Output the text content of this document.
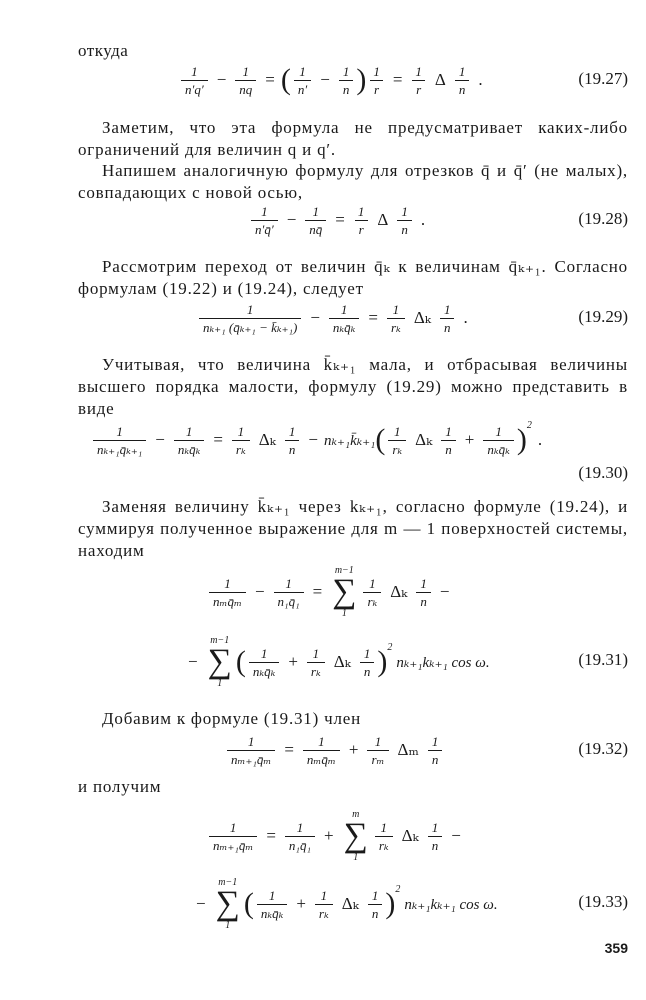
откуда
$\frac{1}{n'q'} - \frac{1}{nq}$ = ( $\frac{1}{n'} - \frac{1}{n}$ ) $\frac{1}{r} = \frac{1}{r}$ Δ $\frac{1}{n}$ .	(19.27)

Заметим, что эта формула не предусматривает каких-либо ограничений для величин q и q′.

Напишем аналогичную формулу для отрезков q̄ и q̄′ (не малых), совпадающих с новой осью,

$\frac{1}{n'q̄'} - \frac{1}{nq̄} = \frac{1}{r}$ Δ $\frac{1}{n}$ .	(19.28)

Рассмотрим переход от величин q̄ₖ к величинам q̄ₖ₊₁. Согласно формулам (19.22) и (19.24), следует

$\frac{1}{\text{nₖ₊₁ (q̄ₖ₊₁ − k̄ₖ₊₁)}} - \frac{1}{\text{nₖq̄ₖ}} = \frac{1}{\text{rₖ}}$ Δₖ $\frac{1}{n}$ .	(19.29)

Учитывая, что величина k̄ₖ₊₁ мала, и отбрасывая величины высшего порядка малости, формулу (19.29) можно представить в виде

$\frac{1}{\text{nₖ₊₁q̄ₖ₊₁}} - \frac{1}{\text{nₖq̄ₖ}} = \frac{1}{\text{rₖ}}$ Δₖ $\frac{1}{n}$ − nₖ₊₁k̄ₖ₊₁ ( $\frac{1}{\text{rₖ}}$ Δₖ $\frac{1}{n} + \frac{1}{\text{nₖq̄ₖ}} )^2$
.
(19.30)

Заменяя величину k̄ₖ₊₁ через kₖ₊₁, согласно формуле (19.24), и суммируя полученное выражение для m — 1 поверхностей системы, находим

$\frac{1}{\text{nₘq̄ₘ}} - \frac{1}{\text{n₁q̄₁}}$ =
m−1
∑
1
$\frac{1}{\text{rₖ}}$ Δₖ $\frac{1}{n}$ −
−
m−1
∑
1
( $\frac{1}{\text{nₖq̄ₖ}} + \frac{1}{\text{rₖ}}$ Δₖ $\frac{1}{n} )^2$
nₖ₊₁kₖ₊₁ cos ω.	(19.31)

Добавим к формуле (19.31) член

$\frac{1}{\text{nₘ₊₁q̄ₘ}} = \frac{1}{\text{nₘq̄ₘ}} + \frac{1}{\text{rₘ}}$ Δₘ $\frac{1}{n}$	(19.32)

и получим

$\frac{1}{\text{nₘ₊₁q̄ₘ}} = \frac{1}{\text{n₁q̄₁}}$ +
m
∑
1
$\frac{1}{\text{rₖ}}$ Δₖ $\frac{1}{n}$ −
−
m−1
∑
1
( $\frac{1}{\text{nₖq̄ₖ}} + \frac{1}{\text{rₖ}}$ Δₖ $\frac{1}{n} )^2$
nₖ₊₁kₖ₊₁ cos ω.	(19.33)
359
